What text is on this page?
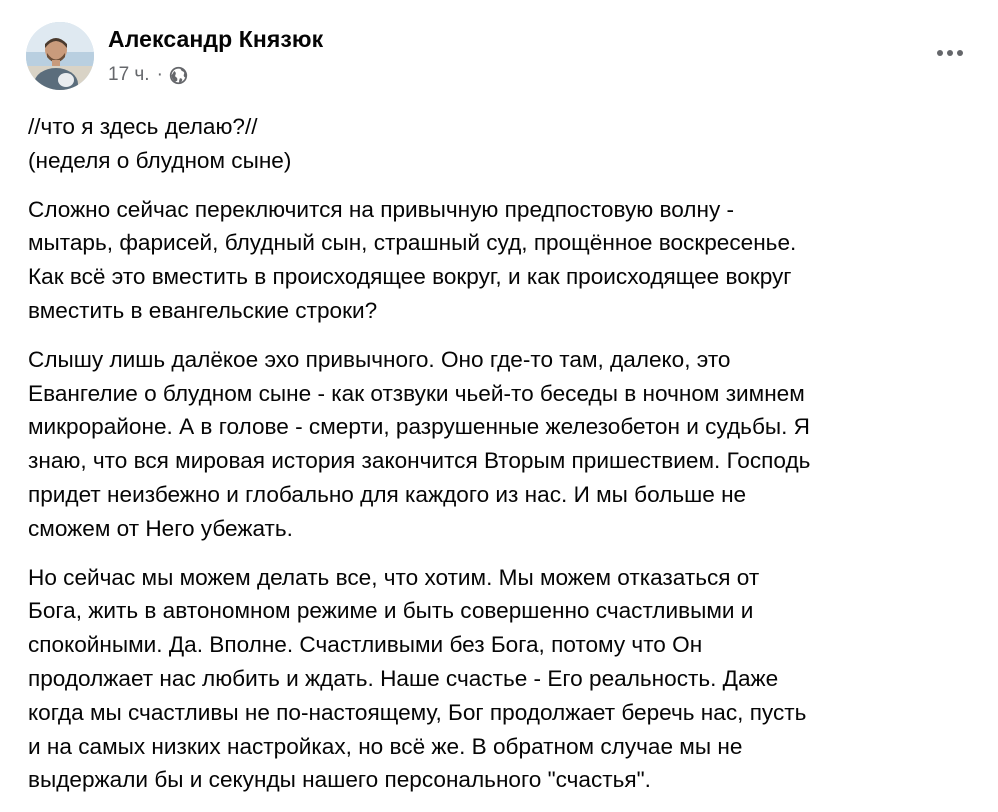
Александр Князюк
17 ч. ·

//что я здесь делаю?//
(неделя о блудном сыне)

Сложно сейчас переключится на привычную предпостовую волну -
мытарь, фарисей, блудный сын, страшный суд, прощённое воскресенье.
Как всё это вместить в происходящее вокруг, и как происходящее вокруг
вместить в евангельские строки?

Слышу лишь далёкое эхо привычного. Оно где-то там, далеко, это
Евангелие о блудном сыне - как отзвуки чьей-то беседы в ночном зимнем
микрорайоне. А в голове - смерти, разрушенные железобетон и судьбы. Я
знаю, что вся мировая история закончится Вторым пришествием. Господь
придет неизбежно и глобально для каждого из нас. И мы больше не
сможем от Него убежать.

Но сейчас мы можем делать все, что хотим. Мы можем отказаться от
Бога, жить в автономном режиме и быть совершенно счастливыми и
спокойными. Да. Вполне. Счастливыми без Бога, потому что Он
продолжает нас любить и ждать. Наше счастье - Его реальность. Даже
когда мы счастливы не по-настоящему, Бог продолжает беречь нас, пусть
и на самых низких настройках, но всё же. В обратном случае мы не
выдержали бы и секунды нашего персонального "счастья".
